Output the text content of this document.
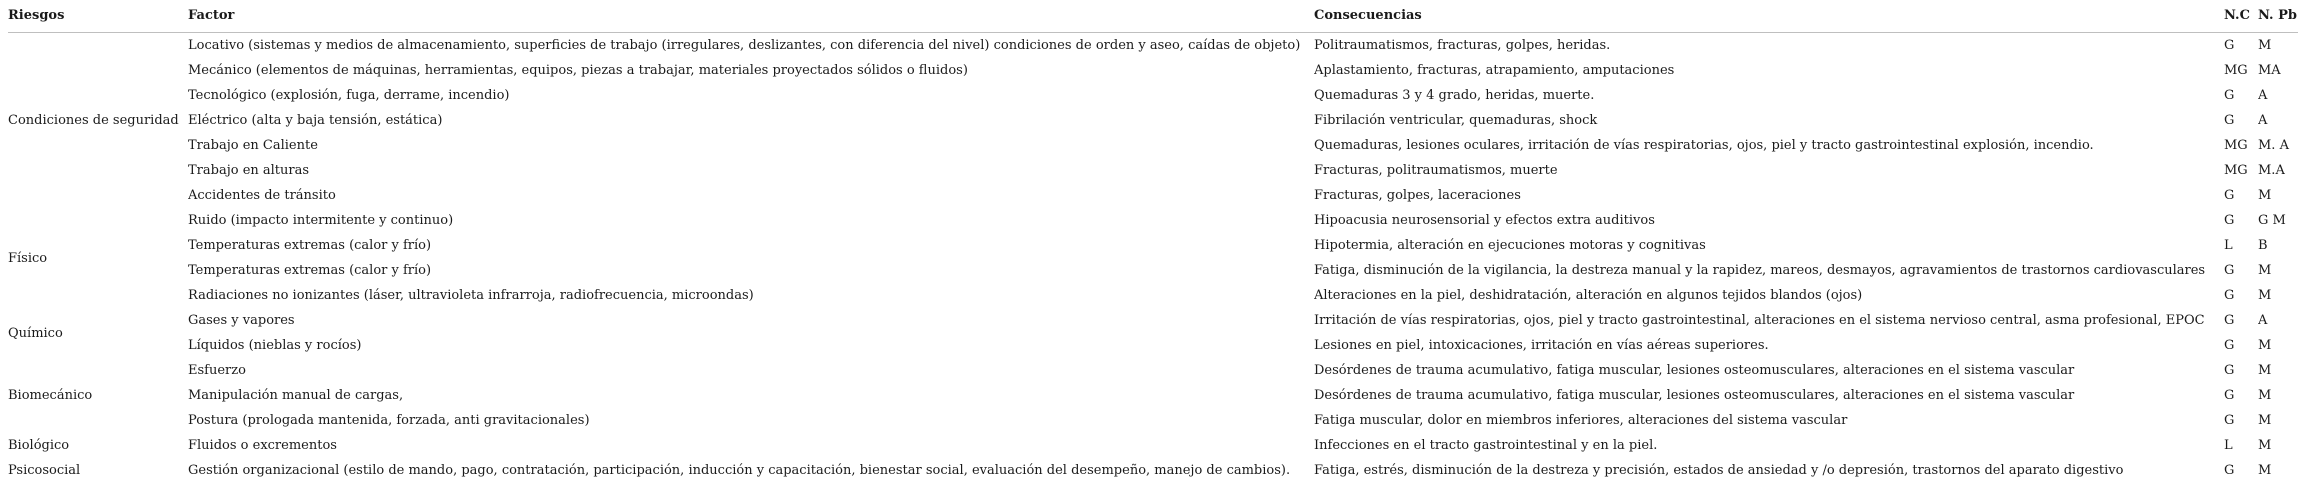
Riesgos	Factor	Consecuencias	N.C	N. Pb
Condiciones de seguridad	Locativo (sistemas y medios de almacenamiento, superficies de trabajo (irregulares, deslizantes, con diferencia del nivel) condiciones de orden y aseo, caídas de objeto)	Politraumatismos, fracturas, golpes, heridas.	G	M
	Mecánico (elementos de máquinas, herramientas, equipos, piezas a trabajar, materiales proyectados sólidos o fluidos)	Aplastamiento, fracturas, atrapamiento, amputaciones	MG	MA
	Tecnológico (explosión, fuga, derrame, incendio)	Quemaduras 3 y 4 grado, heridas, muerte.	G	A
	Eléctrico (alta y baja tensión, estática)	Fibrilación ventricular, quemaduras, shock	G	A
	Trabajo en Caliente	Quemaduras, lesiones oculares, irritación de vías respiratorias, ojos, piel y tracto gastrointestinal explosión, incendio.	MG	M. A
	Trabajo en alturas	Fracturas, politraumatismos, muerte	MG	M.A
	Accidentes de tránsito	Fracturas, golpes, laceraciones	G	M
Físico	Ruido (impacto intermitente y continuo)	Hipoacusia neurosensorial y efectos extra auditivos	G	G M
	Temperaturas extremas (calor y frío)	Hipotermia, alteración en ejecuciones motoras y cognitivas	L	B
	Temperaturas extremas (calor y frío)	Fatiga, disminución de la vigilancia, la destreza manual y la rapidez, mareos, desmayos, agravamientos de trastornos cardiovasculares	G	M
	Radiaciones no ionizantes (láser, ultravioleta infrarroja, radiofrecuencia, microondas)	Alteraciones en la piel, deshidratación, alteración en algunos tejidos blandos (ojos)	G	M
Químico	Gases y vapores	Irritación de vías respiratorias, ojos, piel y tracto gastrointestinal, alteraciones en el sistema nervioso central, asma profesional, EPOC	G	A
	Líquidos (nieblas y rocíos)	Lesiones en piel, intoxicaciones, irritación en vías aéreas superiores.	G	M
Biomecánico	Esfuerzo	Desórdenes de trauma acumulativo, fatiga muscular, lesiones osteomusculares, alteraciones en el sistema vascular	G	M
	Manipulación manual de cargas,	Desórdenes de trauma acumulativo, fatiga muscular, lesiones osteomusculares, alteraciones en el sistema vascular	G	M
	Postura (prologada mantenida, forzada, anti gravitacionales)	Fatiga muscular, dolor en miembros inferiores, alteraciones del sistema vascular	G	M
Biológico	Fluidos o excrementos	Infecciones en el tracto gastrointestinal y en la piel.	L	M
Psicosocial	Gestión organizacional (estilo de mando, pago, contratación, participación, inducción y capacitación, bienestar social, evaluación del desempeño, manejo de cambios).	Fatiga, estrés, disminución de la destreza y precisión, estados de ansiedad y /o depresión, trastornos del aparato digestivo	G	M
